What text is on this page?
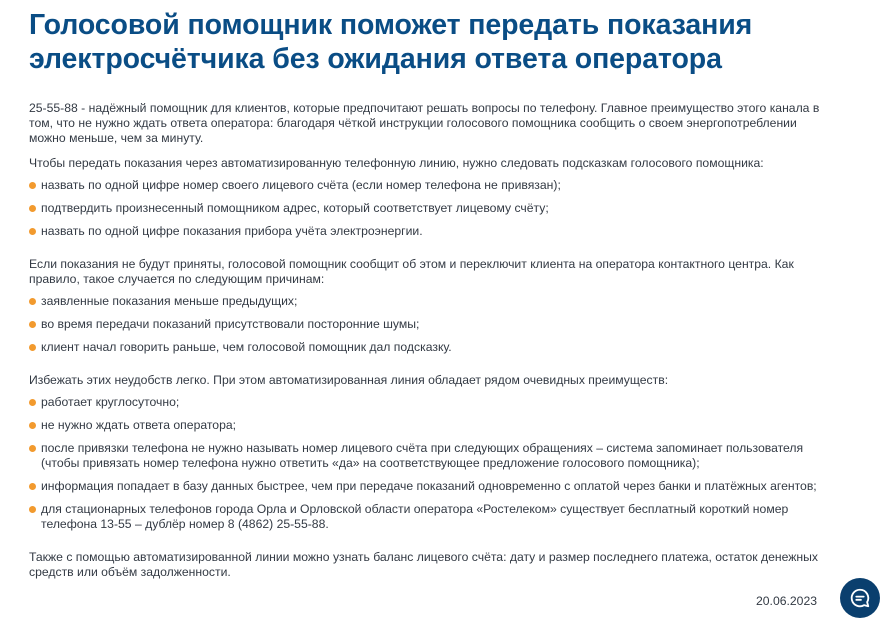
Голосовой помощник поможет передать показания электросчётчика без ожидания ответа оператора

25-55-88 - надёжный помощник для клиентов, которые предпочитают решать вопросы по телефону. Главное преимущество этого канала в том, что не нужно ждать ответа оператора: благодаря чёткой инструкции голосового помощника сообщить о своем энергопотреблении можно меньше, чем за минуту.

Чтобы передать показания через автоматизированную телефонную линию, нужно следовать подсказкам голосового помощника:

назвать по одной цифре номер своего лицевого счёта (если номер телефона не привязан);
подтвердить произнесенный помощником адрес, который соответствует лицевому счёту;
назвать по одной цифре показания прибора учёта электроэнергии.

Если показания не будут приняты, голосовой помощник сообщит об этом и переключит клиента на оператора контактного центра. Как правило, такое случается по следующим причинам:

заявленные показания меньше предыдущих;
во время передачи показаний присутствовали посторонние шумы;
клиент начал говорить раньше, чем голосовой помощник дал подсказку.

Избежать этих неудобств легко. При этом автоматизированная линия обладает рядом очевидных преимуществ:

работает круглосуточно;
не нужно ждать ответа оператора;
после привязки телефона не нужно называть номер лицевого счёта при следующих обращениях – система запоминает пользователя (чтобы привязать номер телефона нужно ответить «да» на соответствующее предложение голосового помощника);
информация попадает в базу данных быстрее, чем при передаче показаний одновременно с оплатой через банки и платёжных агентов;
для стационарных телефонов города Орла и Орловской области оператора «Ростелеком» существует бесплатный короткий номер телефона 13-55 – дублёр номер 8 (4862) 25-55-88.

Также с помощью автоматизированной линии можно узнать баланс лицевого счёта: дату и размер последнего платежа, остаток денежных средств или объём задолженности.

20.06.2023
